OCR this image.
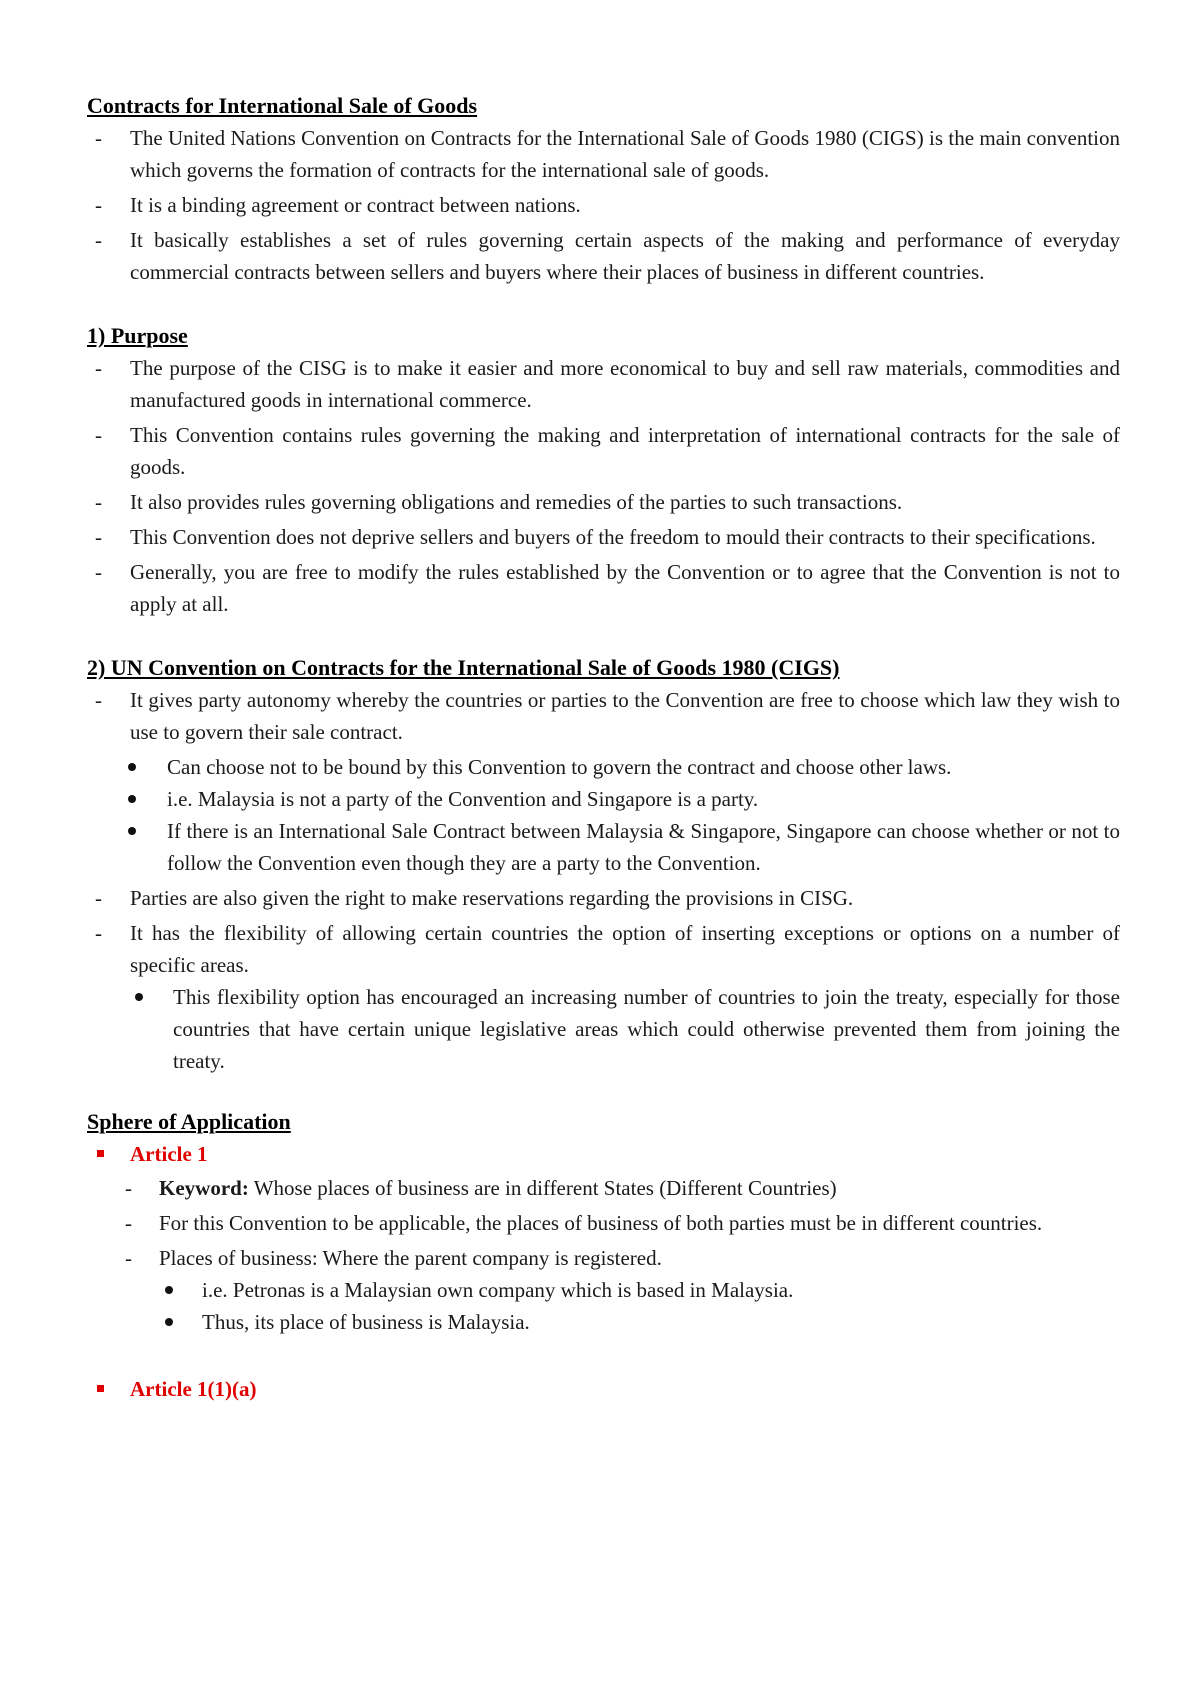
Contracts for International Sale of Goods
- The United Nations Convention on Contracts for the International Sale of Goods 1980 (CIGS) is the main convention which governs the formation of contracts for the international sale of goods.
- It is a binding agreement or contract between nations.
- It basically establishes a set of rules governing certain aspects of the making and performance of everyday commercial contracts between sellers and buyers where their places of business in different countries.
1) Purpose
- The purpose of the CISG is to make it easier and more economical to buy and sell raw materials, commodities and manufactured goods in international commerce.
- This Convention contains rules governing the making and interpretation of international contracts for the sale of goods.
- It also provides rules governing obligations and remedies of the parties to such transactions.
- This Convention does not deprive sellers and buyers of the freedom to mould their contracts to their specifications.
- Generally, you are free to modify the rules established by the Convention or to agree that the Convention is not to apply at all.
2) UN Convention on Contracts for the International Sale of Goods 1980 (CIGS)
- It gives party autonomy whereby the countries or parties to the Convention are free to choose which law they wish to use to govern their sale contract.
Can choose not to be bound by this Convention to govern the contract and choose other laws.
i.e. Malaysia is not a party of the Convention and Singapore is a party.
If there is an International Sale Contract between Malaysia & Singapore, Singapore can choose whether or not to follow the Convention even though they are a party to the Convention.
- Parties are also given the right to make reservations regarding the provisions in CISG.
- It has the flexibility of allowing certain countries the option of inserting exceptions or options on a number of specific areas.
This flexibility option has encouraged an increasing number of countries to join the treaty, especially for those countries that have certain unique legislative areas which could otherwise prevented them from joining the treaty.
Sphere of Application
Article 1
- Keyword: Whose places of business are in different States (Different Countries)
- For this Convention to be applicable, the places of business of both parties must be in different countries.
- Places of business: Where the parent company is registered.
i.e. Petronas is a Malaysian own company which is based in Malaysia.
Thus, its place of business is Malaysia.
Article 1(1)(a)
